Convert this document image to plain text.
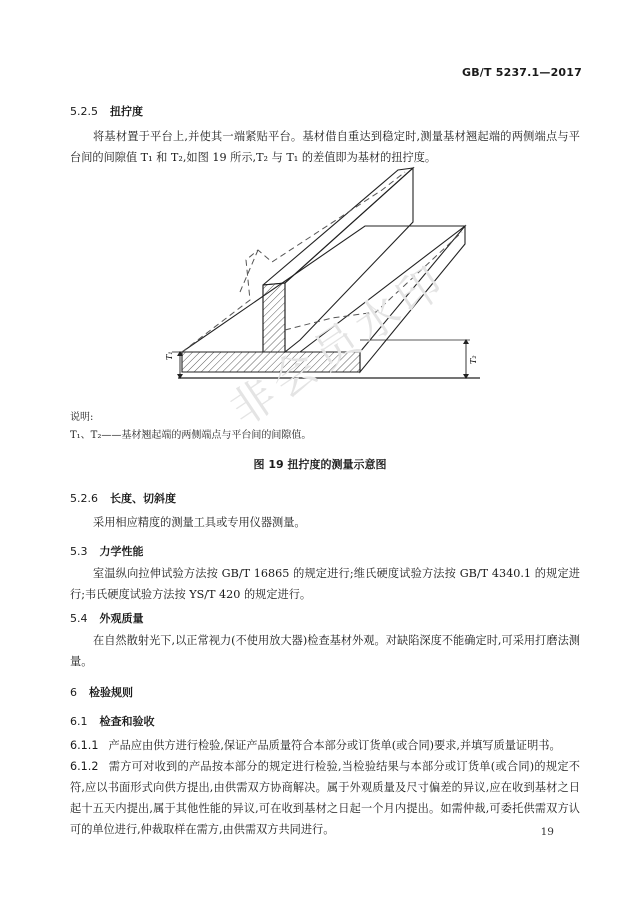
GB/T 5237.1—2017
5.2.5 扭拧度
将基材置于平台上,并使其一端紧贴平台。基材借自重达到稳定时,测量基材翘起端的两侧端点与平台间的间隙值 T₁ 和 T₂,如图 19 所示,T₂ 与 T₁ 的差值即为基材的扭拧度。
T₁	T₂
说明:
T₁、T₂——基材翘起端的两侧端点与平台间的间隙值。
图 19 扭拧度的测量示意图
5.2.6 长度、切斜度
采用相应精度的测量工具或专用仪器测量。
5.3 力学性能
室温纵向拉伸试验方法按 GB/T 16865 的规定进行;维氏硬度试验方法按 GB/T 4340.1 的规定进行;韦氏硬度试验方法按 YS/T 420 的规定进行。
5.4 外观质量
在自然散射光下,以正常视力(不使用放大器)检查基材外观。对缺陷深度不能确定时,可采用打磨法测量。
6 检验规则
6.1 检查和验收
6.1.1 产品应由供方进行检验,保证产品质量符合本部分或订货单(或合同)要求,并填写质量证明书。
6.1.2 需方可对收到的产品按本部分的规定进行检验,当检验结果与本部分或订货单(或合同)的规定不符,应以书面形式向供方提出,由供需双方协商解决。属于外观质量及尺寸偏差的异议,应在收到基材之日起十五天内提出,属于其他性能的异议,可在收到基材之日起一个月内提出。如需仲裁,可委托供需双方认可的单位进行,仲裁取样在需方,由供需双方共同进行。	19
非会员水印
